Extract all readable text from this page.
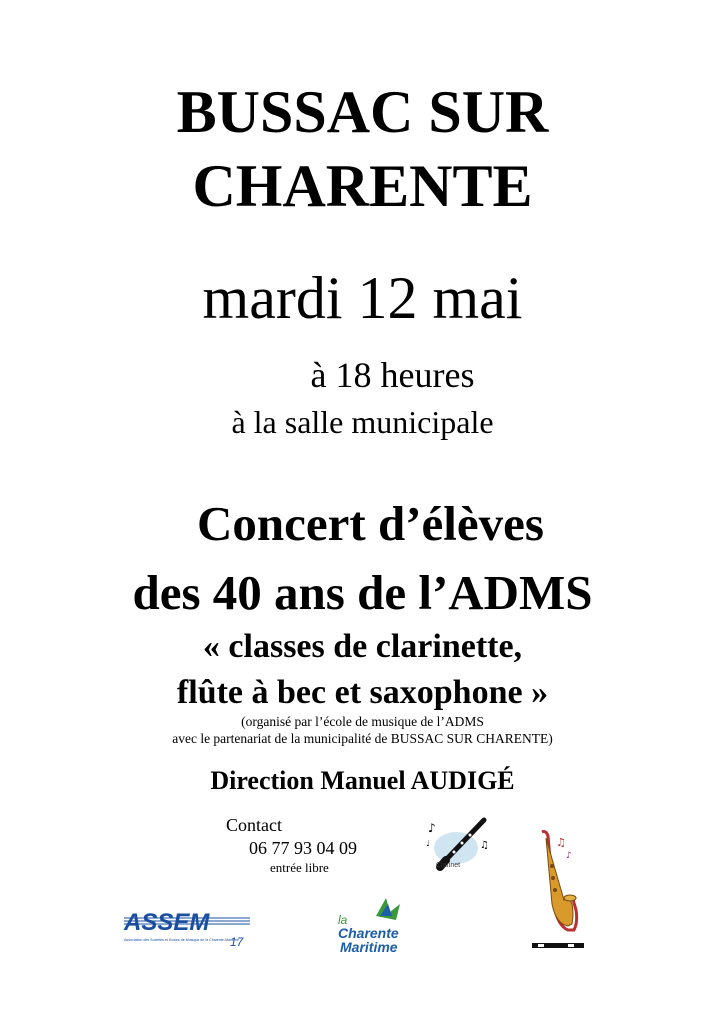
BUSSAC SUR
CHARENTE
mardi 12 mai
à 18 heures
à la salle municipale
Concert d’élèves
des 40 ans de l’ADMS
« classes de clarinette,
flûte à bec et saxophone »
(organisé par l’école de musique de l’ADMS
avec le partenariat de la municipalité de BUSSAC SUR CHARENTE)
Direction Manuel AUDIGÉ
Contact
06 77 93 04 09
entrée libre
♪
♫
♩
Clarinet
♫
♪
ASSEM
17
Association des Sociétés et Ecoles de Musique de la Charente-Maritime
la
Charente
Maritime
